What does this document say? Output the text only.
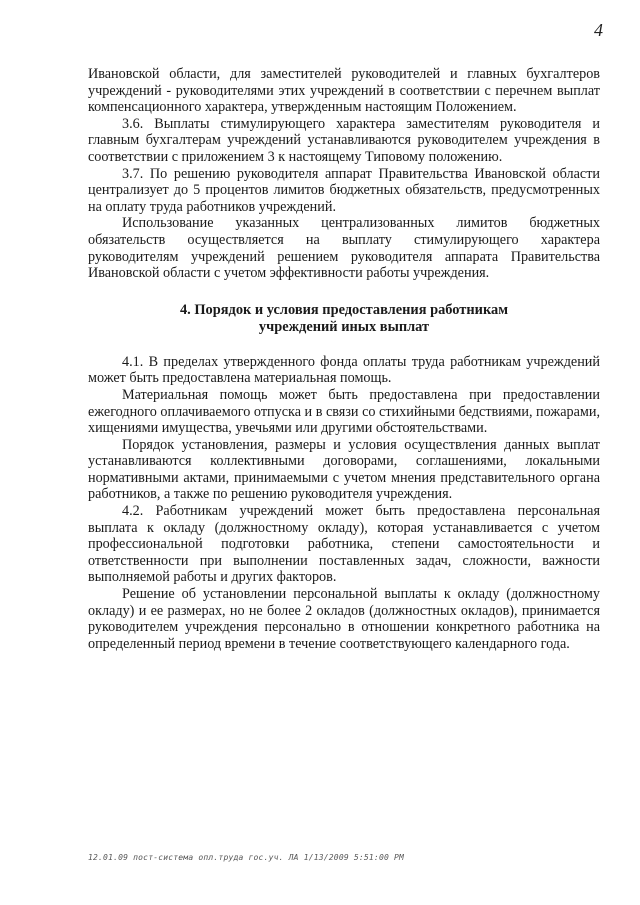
4

Ивановской области, для заместителей руководителей и главных бухгалтеров учреждений - руководителями этих учреждений в соответствии с перечнем выплат компенсационного характера, утвержденным настоящим Положением.

3.6. Выплаты стимулирующего характера заместителям руководителя и главным бухгалтерам учреждений устанавливаются руководителем учреждения в соответствии с приложением 3 к настоящему Типовому положению.

3.7. По решению руководителя аппарат Правительства Ивановской области централизует до 5 процентов лимитов бюджетных обязательств, предусмотренных на оплату труда работников учреждений.

Использование указанных централизованных лимитов бюджетных обязательств осуществляется на выплату стимулирующего характера руководителям учреждений решением руководителя аппарата Правительства Ивановской области с учетом эффективности работы учреждения.

4. Порядок и условия предоставления работникам
учреждений иных выплат

4.1. В пределах утвержденного фонда оплаты труда работникам учреждений может быть предоставлена материальная помощь.

Материальная помощь может быть предоставлена при предоставлении ежегодного оплачиваемого отпуска и в связи со стихийными бедствиями, пожарами, хищениями имущества, увечьями или другими обстоятельствами.

Порядок установления, размеры и условия осуществления данных выплат устанавливаются коллективными договорами, соглашениями, локальными нормативными актами, принимаемыми с учетом мнения представительного органа работников, а также по решению руководителя учреждения.

4.2. Работникам учреждений может быть предоставлена персональная выплата к окладу (должностному окладу), которая устанавливается с учетом профессиональной подготовки работника, степени самостоятельности и ответственности при выполнении поставленных задач, сложности, важности выполняемой работы и других факторов.

Решение об установлении персональной выплаты к окладу (должностному окладу) и ее размерах, но не более 2 окладов (должностных окладов), принимается руководителем учреждения персонально в отношении конкретного работника на определенный период времени в течение соответствующего календарного года.

12.01.09 пост-система опл.труда гос.уч. ЛА 1/13/2009 5:51:00 PM
